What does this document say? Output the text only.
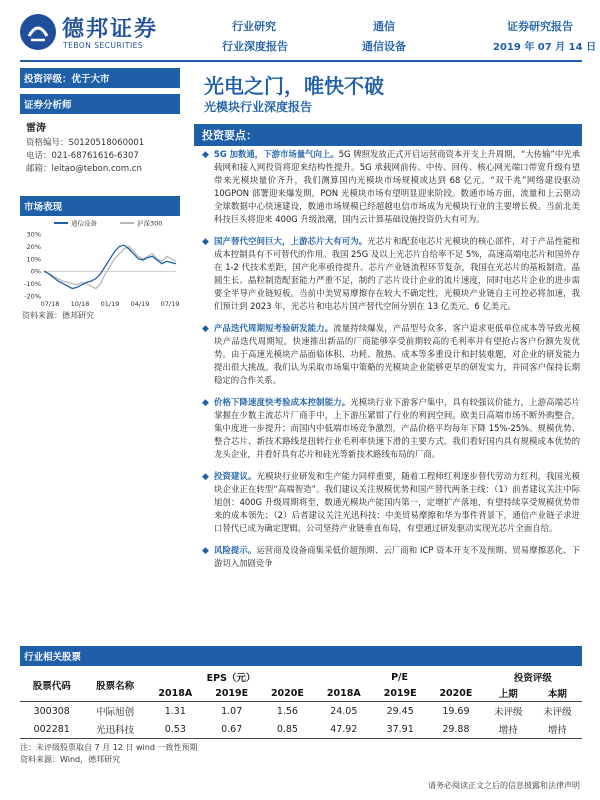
德邦证券
TEBON SECURITIES
行业研究
行业深度报告
通信
通信设备
证券研究报告
2019 年 07 月 14 日
投资评级：优于大市
证券分析师
雷涛
资格编号：S0120518060001
电话：021-68761616-6307
邮箱：leitao@tebon.com.cn
市场表现
30%
20%
10%
0%
-10%
-20%
07/18 10/18 01/19 04/19 07/19
通信设备	沪深300
资料来源：德邦研究
光电之门，唯快不破
光模块行业深度报告
投资要点：
◆ 5G 加数通，下游市场量气向上。5G 牌照发放正式开启运营商资本开支上升周期，“大传输”中光承载网和接入网投资将迎来结构性提升。5G 承载网前传、中传、回传、核心网光端口带宽升级有望带来光模块量价齐升，我们测算国内光模块市场规模或达到 68 亿元。“双千兆”网络建设驱动 10GPON 部署迎来爆发期，PON 光模块市场有望明显迎来阶段。数通市场方面，流量和上云驱动全球数据中心快速建设，数通市场规模已经超越电信市场成为光模块行业的主要增长极。当前北美科技巨头将迎来 400G 升级浪潮，国内云计算基础设施投资仍大有可为。
◆ 国产替代空间巨大，上游芯片大有可为。光芯片和配套电芯片光模块的核心部件，对于产品性能和成本控制具有不可替代的作用。我国 25G 及以上光芯片自给率不足 5%，高速高端电芯片和国外存在 1-2 代技术差距，国产化率亟待提升。芯片产业链流程环节复杂，我国在光芯片的基板制造、晶圆生长、晶粒制造配套能力严重不足，制约了芯片设计企业的流片速度，同时电芯片企业的进步需要全半导产业链短板。当前中美贸易摩擦存在较大不确定性，光模块产业链自主可控必将加速，我们预计到 2023 年，光芯片和电芯片国产替代空间分别在 13 亿美元、6 亿美元。
◆ 产品迭代周期短考验研发能力。流量持续爆发，产品型号众多，客户追求更低单位成本等导致光模块产品迭代周期短。快速推出新品的厂商能够享受前期较高的毛利率并有望抢占客户份额先发优势。由于高速光模块产品面临体积、功耗、散热、成本等多重设计和封装难题，对企业的研发能力提出很大挑战。我们认为采取市场集中策略的光模块企业能够更早的研发实力，并同客户保持长期稳定的合作关系。
◆ 价格下降速度快考验成本控制能力。光模块行业下游客户集中，具有较强议价能力，上游高端芯片掌握在少数主流芯片厂商手中，上下游压紧钳了行业的利润空间。欧美日高端市场不断外购整合，集中度进一步提升；而国内中低端市场竞争激烈，产品价格平均每年下降 15%-25%。规模优势、整合芯片、新技术路线是扭转行业毛利率快速下滑的主要方式。我们看好国内具有规模成本优势的龙头企业，并看好具有芯片和硅光等新技术路线布局的厂商。
◆ 投资建议。光模块行业研发和生产能力同样重要，随着工程师红利逐步替代劳动力红利，我国光模块企业正在转型“高端智造”。我们建议关注规模优势和国产替代两条主线：（1）前者建议关注中际旭创：400G 升级周期将至，数通光模块产能国内第一，定增扩产落地，有望持续享受规模优势带来的成本领先；（2）后者建议关注光迅科技：中美贸易摩擦和华为事件背景下，通信产业链子求进口替代已成为确定逻辑，公司坚持产业链垂直布局，有望通过研发驱动实现光芯片全面自给。
◆ 风险提示。运营商及设备商集采低价超预期、云厂商和 ICP 资本开支不及预期、贸易摩擦恶化、下游切入加剧竞争
行业相关股票
股票代码	股票名称	EPS（元）			P/E			投资评级	
		2018A	2019E	2020E	2018A	2019E	2020E	上期	本期
300308	中际旭创	1.31	1.07	1.56	24.05	29.45	19.69	未评级	未评级
002281	光迅科技	0.53	0.67	0.85	47.92	37.91	29.88	增持	增持
注：未评级股票取自 7 月 12 日 wind 一致性预期
资料来源：Wind，德邦研究
请务必阅读正文之后的信息披露和法律声明
